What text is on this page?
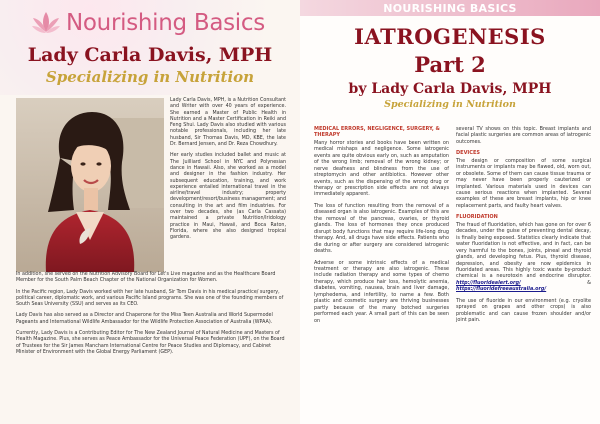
Nourishing Basics
Lady Carla Davis, MPH
Specializing in Nutrition

Lady Carla Davis, MPH, is a Nutrition Consultant and Writer with over 40 years of experience. She earned a Master of Public Health in Nutrition and a Master Certification in Reiki and Feng Shui. Lady Davis also studied with various notable professionals, including her late husband, Sir Thomas Davis, MD, KBE, the late Dr. Bernard Jensen, and Dr. Reza Chowdhury.

Her early studies included ballet and music at The Juilliard School in NYC and Polynesian dance in Hawaii. Also, she worked as a model and designer in the fashion industry. Her subsequent education, training, and work experience entailed international travel in the airline/travel industry; property development/resort/business management; and consulting in the art and film industries. For over two decades, she (as Carla Cassata) maintained a private Nutrition/Iridology practice in Maui, Hawaii, and Boca Raton, Florida, where she also designed tropical gardens.

In addition, she served on the Nutrition Advisory Board for Let's Live magazine and as the Healthcare Board Member for the South Palm Beach Chapter of the National Organization for Women.

In the Pacific region, Lady Davis worked with her late husband, Sir Tom Davis in his medical practice/ surgery, political career, diplomatic work, and various Pacific Island programs. She was one of the founding members of South Seas University (SSU) and serves as its CEO.

Lady Davis has also served as a Director and Chaperone for the Miss Teen Australia and World Supermodel Pageants and International Wildlife Ambassador for the Wildlife Protection Association of Australia (WPAA).

Currently, Lady Davis is a Contributing Editor for The New Zealand Journal of Natural Medicine and Masters of Health Magazine. Plus, she serves as Peace Ambassador for the Universal Peace Federation (UPF), on the Board of Trustees for the Sir James Mancham International Centre for Peace Studies and Diplomacy, and Cabinet Minister of Environment with the Global Energy Parliament (GEP).

NOURISHING BASICS
IATROGENESIS
Part 2
by Lady Carla Davis, MPH
Specializing in Nutrition
MEDICAL ERRORS, NEGLIGENCE, SURGERY, & THERAPY

Many horror stories and books have been written on medical mishaps and negligence. Some iatrogenic events are quite obvious early on, such as amputation of the wrong limb; removal of the wrong kidney; or nerve deafness and blindness from the use of streptomycin and other antibiotics. However other events, such as the dispensing of the wrong drug or therapy or prescription side effects are not always immediately apparent.

The loss of function resulting from the removal of a diseased organ is also iatrogenic. Examples of this are the removal of the pancreas, ovaries, or thyroid glands. The loss of hormones they once produced disrupt body functions that may require life-long drug therapy. And, all drugs have side effects. Patients who die during or after surgery are considered iatrogenic deaths.

Adverse or some intrinsic effects of a medical treatment or therapy are also iatrogenic. These include radiation therapy and some types of chemo therapy, which produce hair loss, hemolytic anemia, diabetes, vomiting, nausea, brain and liver damage, lymphedema, and infertility, to name a few. Both plastic and cosmetic surgery are thriving businesses partly because of the many botched surgeries performed each year. A small part of this can be seen on

several TV shows on this topic. Breast implants and facial plastic surgeries are common areas of iatrogenic outcomes.

DEVICES

The design or composition of some surgical instruments or implants may be flawed, old, worn out, or obsolete. Some of them can cause tissue trauma or may never have been properly cauterized or implanted. Various materials used in devices can cause serious reactions when implanted. Several examples of these are breast implants, hip or knee replacement parts, and faulty heart valves.

FLUORIDATION

The fraud of fluoridation, which has gone on for over 6 decades, under the guise of preventing dental decay, is finally being exposed. Statistics clearly indicate that water fluoridation is not effective, and in fact, can be very harmful to the bones, joints, pineal and thyroid glands, and developing fetus. Plus, thyroid disease, depression, and obesity are now epidemics in fluoridated areas. This highly toxic waste by-product chemical is a neurotoxin and endocrine disruptor. http://fluoridealert.org/	& https://fluoridefreeaustralia.org/

The use of fluoride in our environment (e.g. cryolite sprayed on grapes and other crops) is also problematic and can cause frozen shoulder and/or joint pain.
